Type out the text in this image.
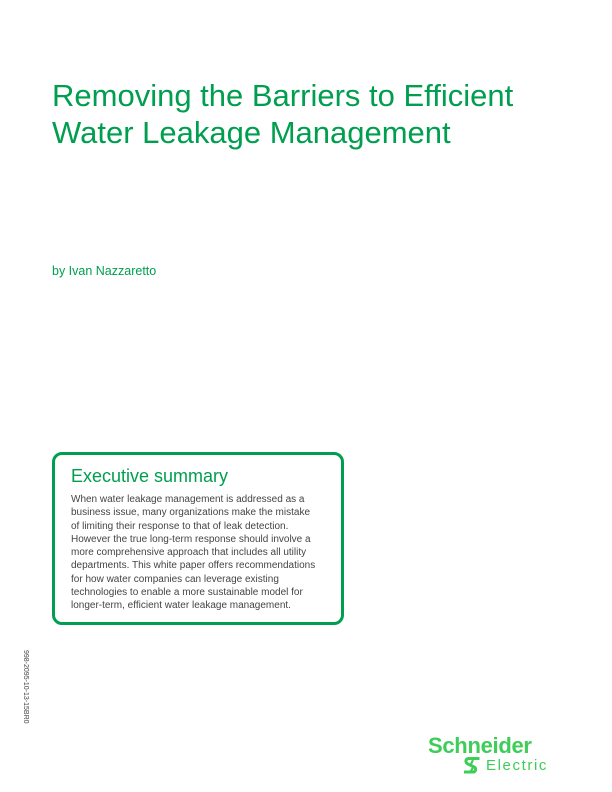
Removing the Barriers to Efficient
Water Leakage Management
by Ivan Nazzaretto
Executive summary

When water leakage management is addressed as a
business issue, many organizations make the mistake
of limiting their response to that of leak detection.
However the true long-term response should involve a
more comprehensive approach that includes all utility
departments. This white paper offers recommendations
for how water companies can leverage existing
technologies to enable a more sustainable model for
longer-term, efficient water leakage management.

998-2095-10-13-15BR0
Schneider
Electric
